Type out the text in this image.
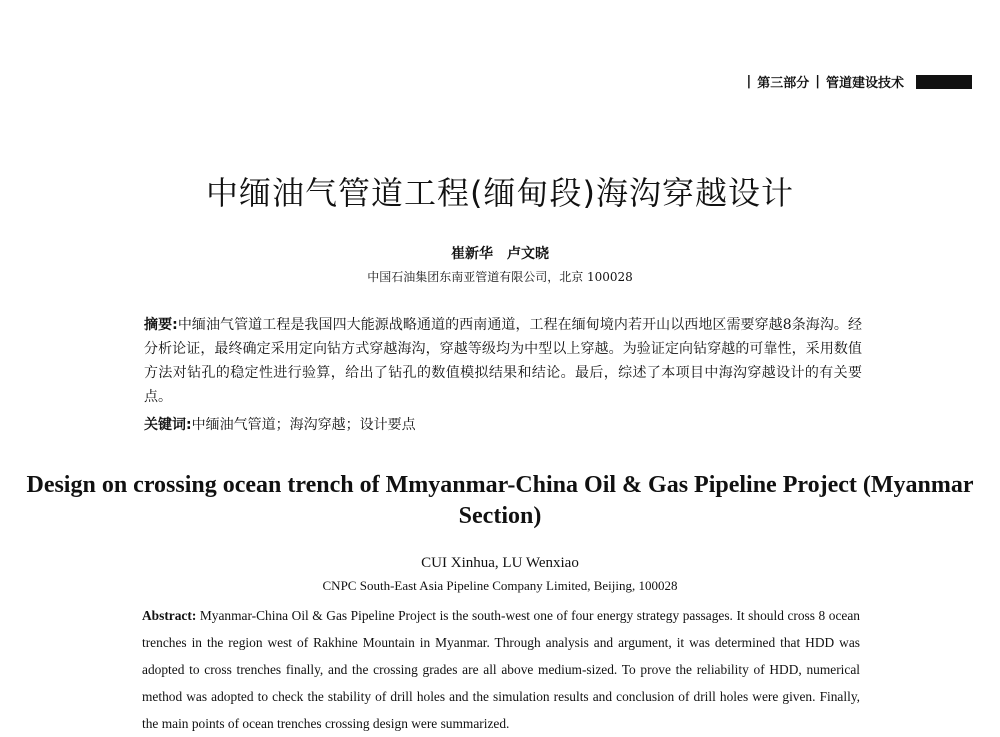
| 第三部分 | 管道建设技术
中缅油气管道工程(缅甸段)海沟穿越设计
崔新华　卢文晓
中国石油集团东南亚管道有限公司，北京 100028
摘要:中缅油气管道工程是我国四大能源战略通道的西南通道，工程在缅甸境内若开山以西地区需要穿越8条海沟。经分析论证，最终确定采用定向钻方式穿越海沟，穿越等级均为中型以上穿越。为验证定向钻穿越的可靠性，采用数值方法对钻孔的稳定性进行验算，给出了钻孔的数值模拟结果和结论。最后，综述了本项目中海沟穿越设计的有关要点。
关键词:中缅油气管道；海沟穿越；设计要点
Design on crossing ocean trench of Mmyanmar-China Oil & Gas Pipeline Project (Myanmar Section)
CUI Xinhua, LU Wenxiao
CNPC South-East Asia Pipeline Company Limited, Beijing, 100028
Abstract: Myanmar-China Oil & Gas Pipeline Project is the south-west one of four energy strategy passages. It should cross 8 ocean trenches in the region west of Rakhine Mountain in Myanmar. Through analysis and argument, it was determined that HDD was adopted to cross trenches finally, and the crossing grades are all above medium-sized. To prove the reliability of HDD, numerical method was adopted to check the stability of drill holes and the simulation results and conclusion of drill holes were given. Finally, the main points of ocean trenches crossing design were summarized.
